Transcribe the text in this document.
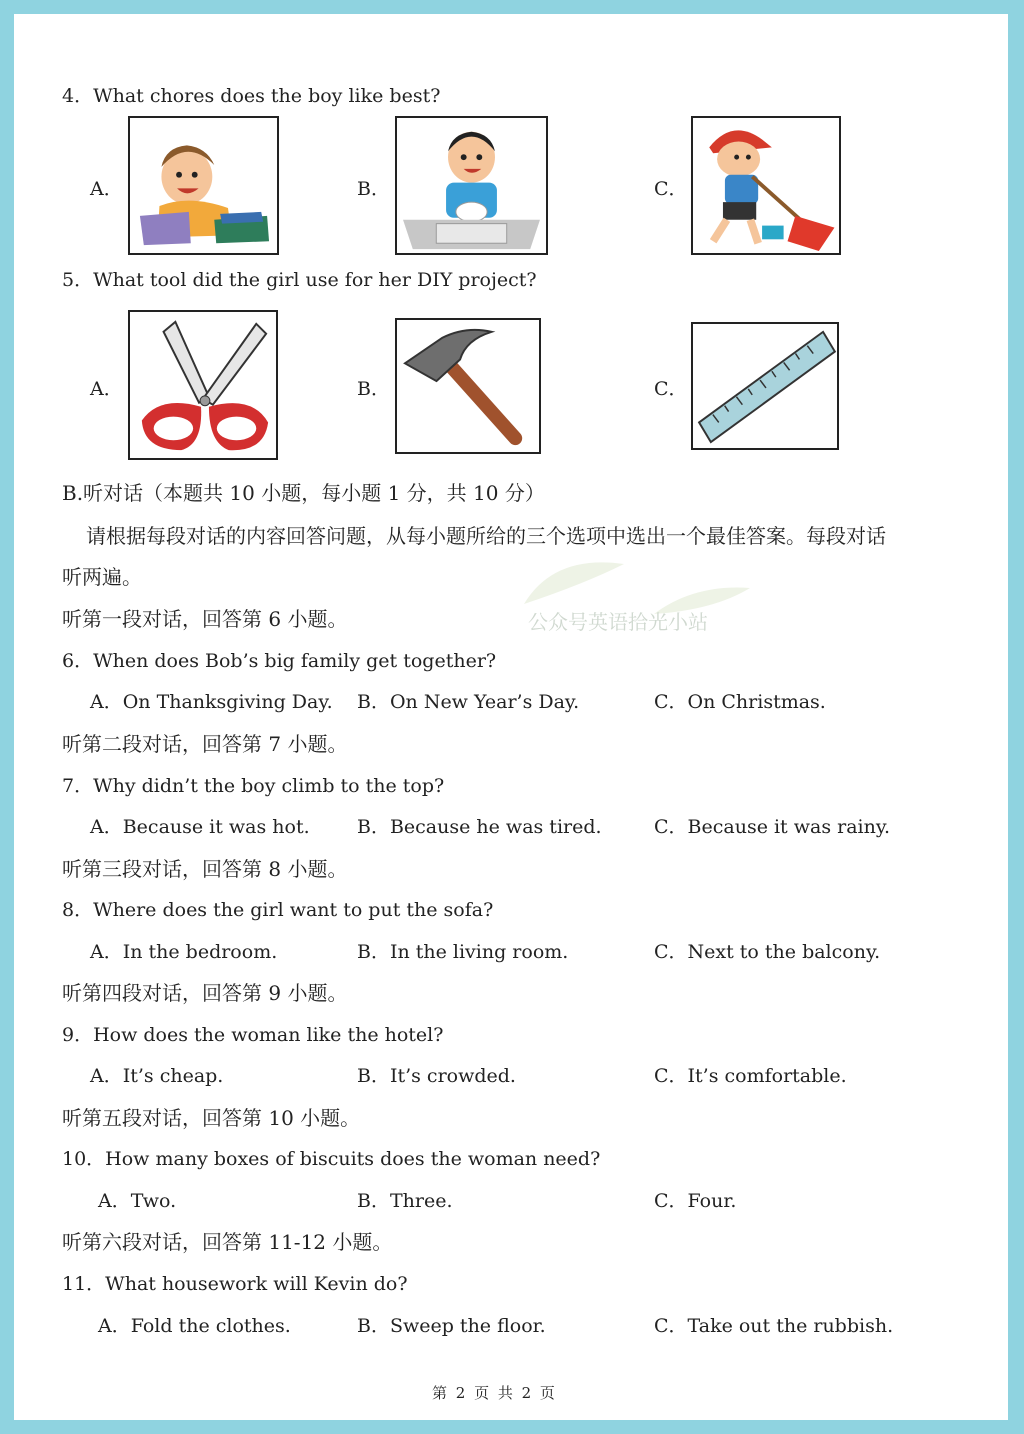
4．What chores does the boy like best?
A．	B．	C．
5．What tool did the girl use for her DIY project?
A．	B．	C．
B.听对话（本题共 10 小题，每小题 1 分，共 10 分）
请根据每段对话的内容回答问题，从每小题所给的三个选项中选出一个最佳答案。每段对话
听两遍。
公众号英语拾光小站
听第一段对话，回答第 6 小题。
6．When does Bob’s big family get together?
A．On Thanksgiving Day. B．On New Year’s Day.	C．On Christmas.
听第二段对话，回答第 7 小题。
7．Why didn’t the boy climb to the top?
A．Because it was hot. B．Because he was tired.	C．Because it was rainy.
听第三段对话，回答第 8 小题。
8．Where does the girl want to put the sofa?
A．In the bedroom.	B．In the living room.	C．Next to the balcony.
听第四段对话，回答第 9 小题。
9．How does the woman like the hotel?
A．It’s cheap.	B．It’s crowded.	C．It’s comfortable.
听第五段对话，回答第 10 小题。
10．How many boxes of biscuits does the woman need?
A．Two.	B．Three.	C．Four.
听第六段对话，回答第 11-12 小题。
11．What housework will Kevin do?
A．Fold the clothes.	B．Sweep the floor.	C．Take out the rubbish.
第 2 页 共 2 页
